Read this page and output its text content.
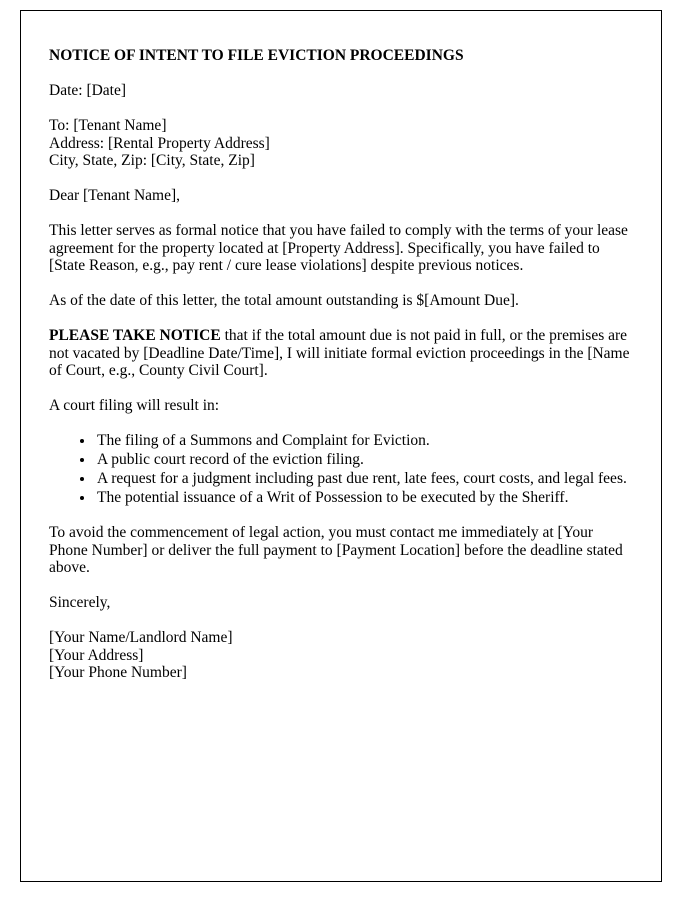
NOTICE OF INTENT TO FILE EVICTION PROCEEDINGS

Date: [Date]

To: [Tenant Name]
Address: [Rental Property Address]
City, State, Zip: [City, State, Zip]

Dear [Tenant Name],

This letter serves as formal notice that you have failed to comply with the terms of your lease agreement for the property located at [Property Address]. Specifically, you have failed to [State Reason, e.g., pay rent / cure lease violations] despite previous notices.

As of the date of this letter, the total amount outstanding is $[Amount Due].

PLEASE TAKE NOTICE that if the total amount due is not paid in full, or the premises are not vacated by [Deadline Date/Time], I will initiate formal eviction proceedings in the [Name of Court, e.g., County Civil Court].

A court filing will result in:

• The filing of a Summons and Complaint for Eviction.
• A public court record of the eviction filing.
• A request for a judgment including past due rent, late fees, court costs, and legal fees.
• The potential issuance of a Writ of Possession to be executed by the Sheriff.

To avoid the commencement of legal action, you must contact me immediately at [Your Phone Number] or deliver the full payment to [Payment Location] before the deadline stated above.

Sincerely,

[Your Name/Landlord Name]
[Your Address]
[Your Phone Number]
